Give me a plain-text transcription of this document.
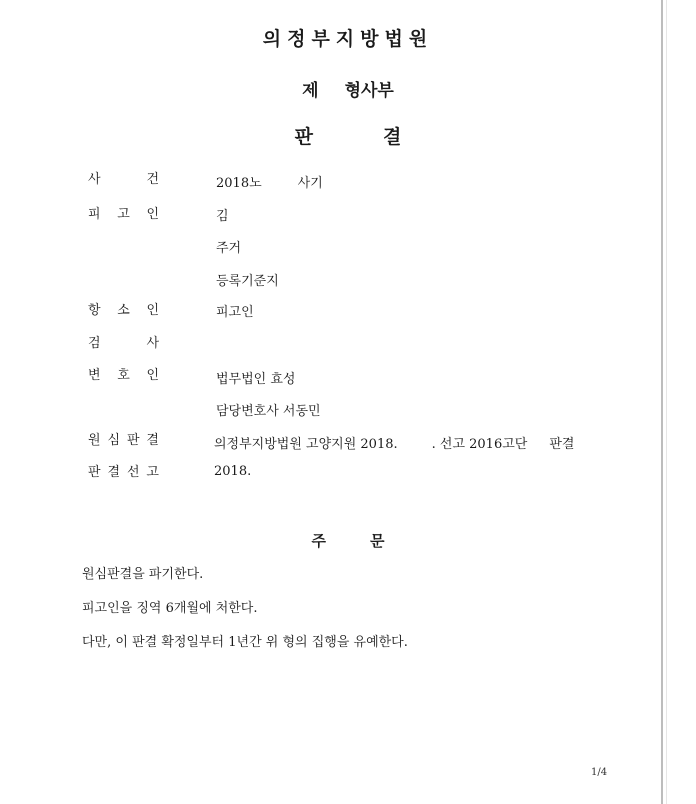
의정부지방법원
제 형사부
판	결
사	건	2018노	사기
피 고 인	김
주거
등록기준지
항 소 인	피고인
검	사
변 호 인	법무법인 효성
담당변호사 서동민
원 심 판 결	의정부지방법원 고양지원 2018.	. 선고 2016고단 판결
판 결 선 고	2018.
주	문
원심판결을 파기한다.
피고인을 징역 6개월에 처한다.
다만, 이 판결 확정일부터 1년간 위 형의 집행을 유예한다.
1/4
